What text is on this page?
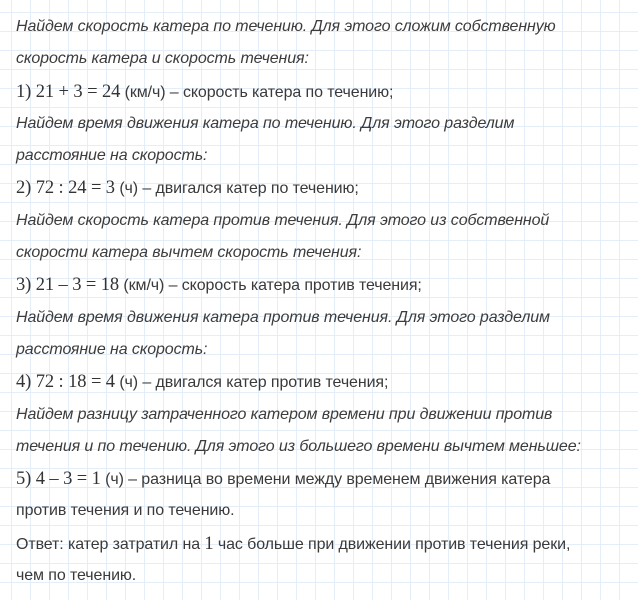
Найдем скорость катера по течению. Для этого сложим собственную
скорость катера и скорость течения:
1) 21 + 3 = 24 (км/ч) – скорость катера по течению;
Найдем время движения катера по течению. Для этого разделим
расстояние на скорость:
2) 72 : 24 = 3 (ч) – двигался катер по течению;
Найдем скорость катера против течения. Для этого из собственной
скорости катера вычтем скорость течения:
3) 21 – 3 = 18 (км/ч) – скорость катера против течения;
Найдем время движения катера против течения. Для этого разделим
расстояние на скорость:
4) 72 : 18 = 4 (ч) – двигался катер против течения;
Найдем разницу затраченного катером времени при движении против
течения и по течению. Для этого из большего времени вычтем меньшее:
5) 4 – 3 = 1 (ч) – разница во времени между временем движения катера
против течения и по течению.
Ответ: катер затратил на 1 час больше при движении против течения реки,
чем по течению.
